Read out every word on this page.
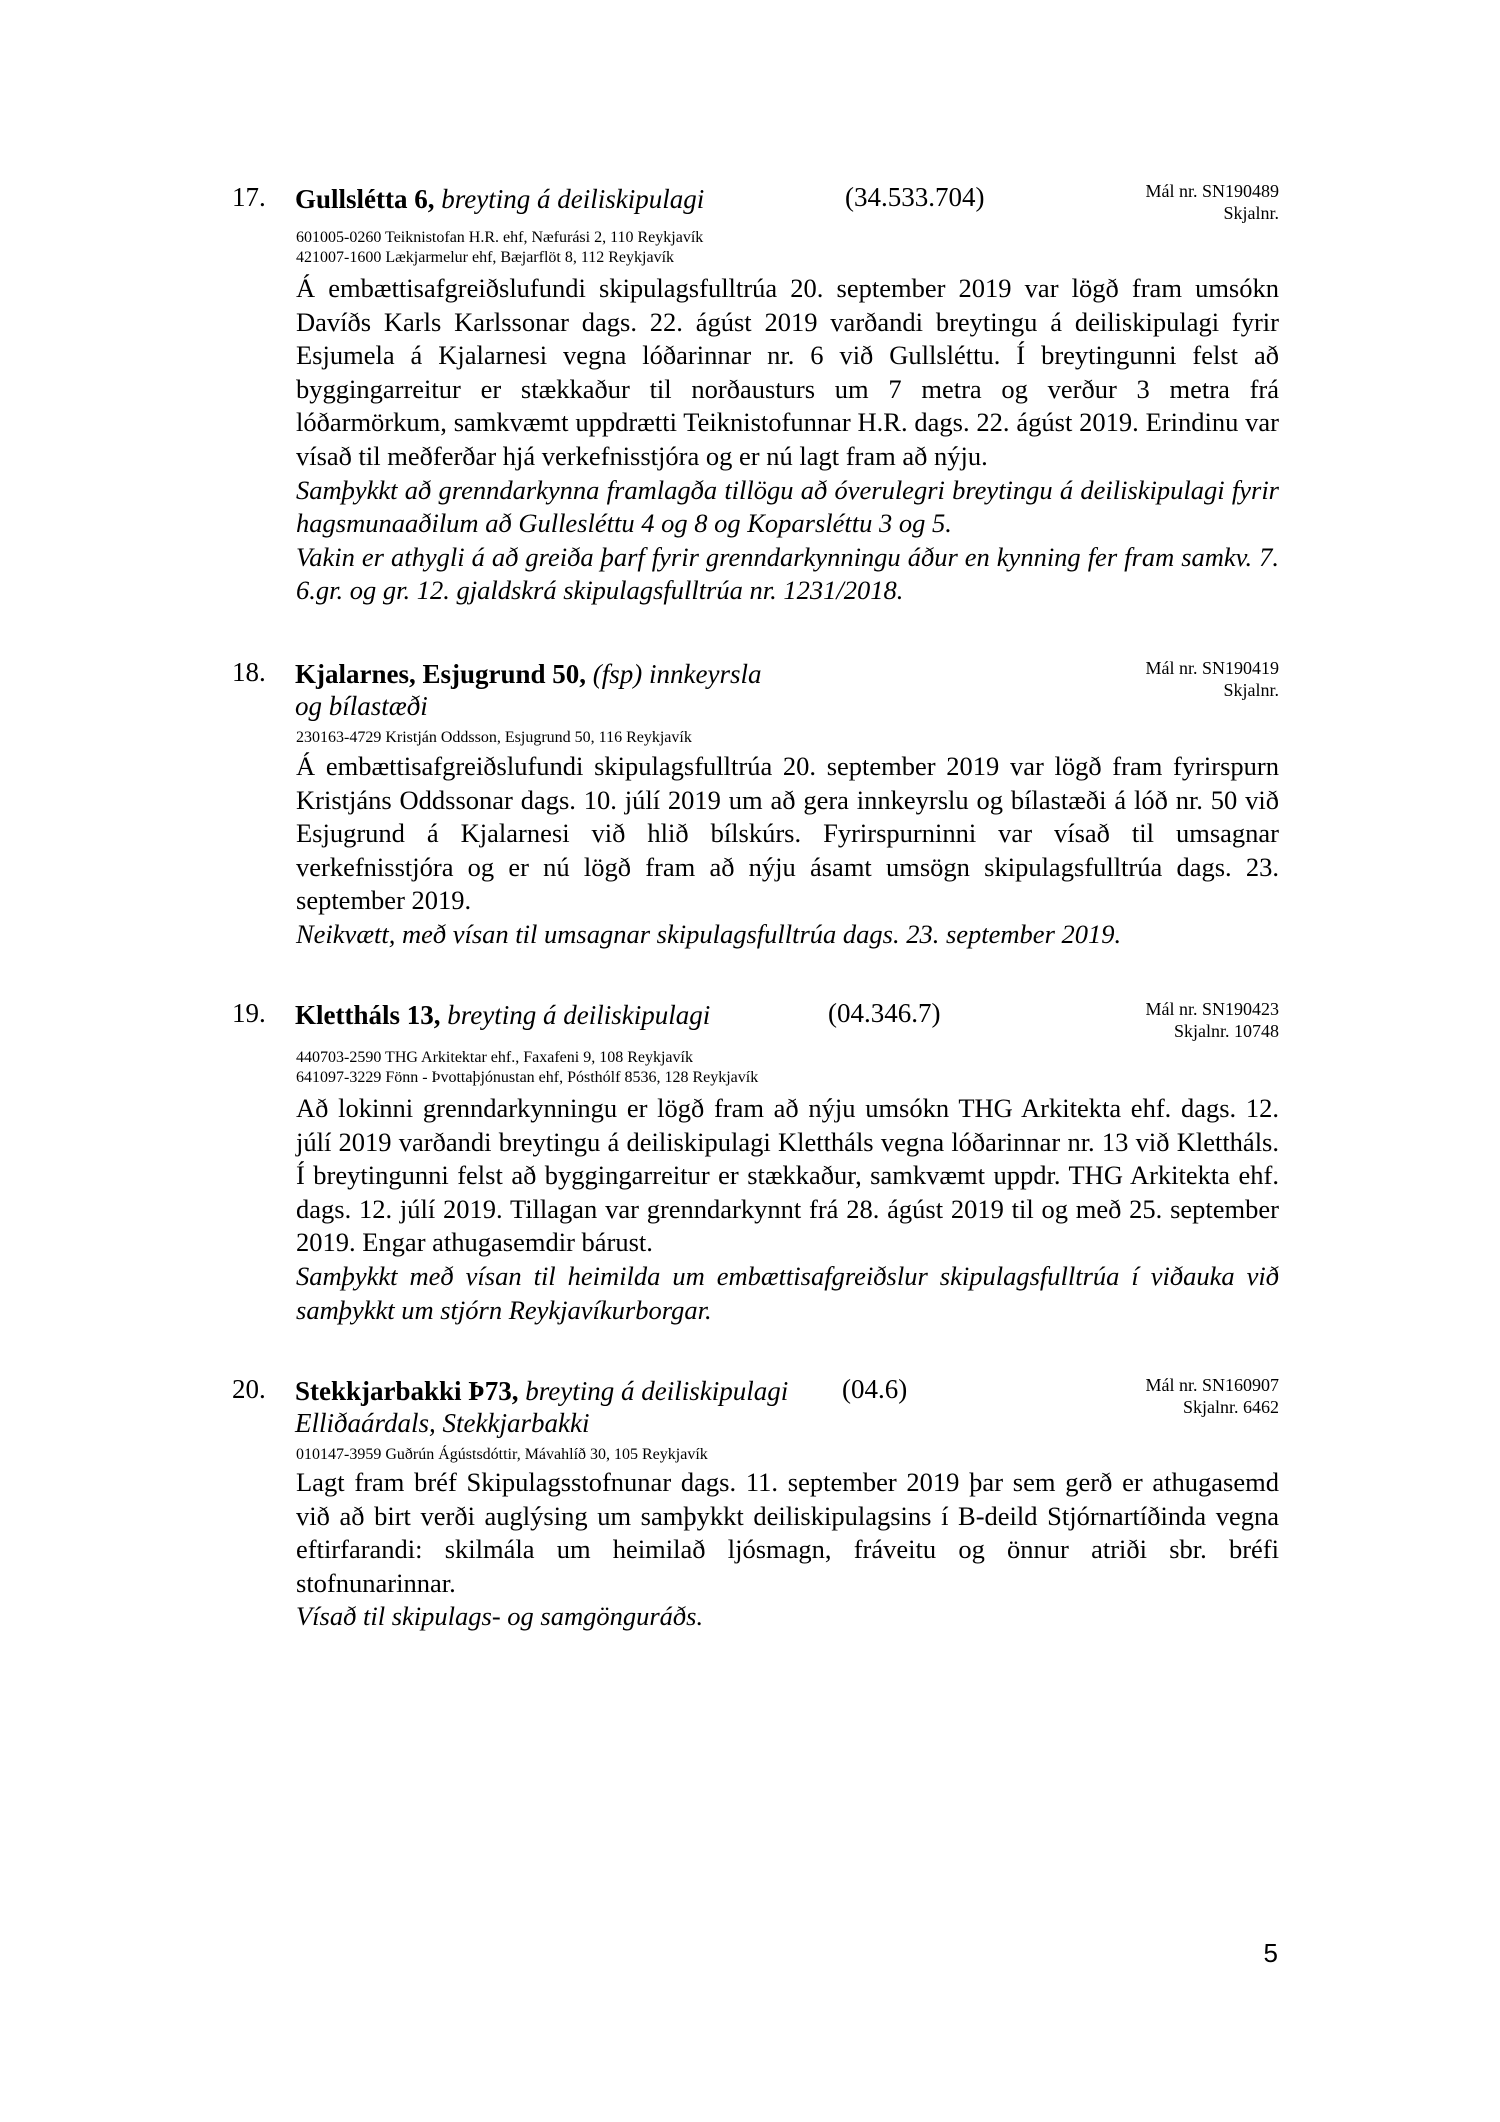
17. Gullslétta 6, breyting á deiliskipulagi	(34.533.704)	Mál nr. SN190489
Skjalnr.
601005-0260 Teiknistofan H.R. ehf, Næfurási 2, 110 Reykjavík
421007-1600 Lækjarmelur ehf, Bæjarflöt 8, 112 Reykjavík

Á embættisafgreiðslufundi skipulagsfulltrúa 20. september 2019 var lögð fram umsókn Davíðs Karls Karlssonar dags. 22. ágúst 2019 varðandi breytingu á deiliskipulagi fyrir Esjumela á Kjalarnesi vegna lóðarinnar nr. 6 við Gullsléttu. Í breytingunni felst að byggingarreitur er stækkaður til norðausturs um 7 metra og verður 3 metra frá lóðarmörkum, samkvæmt uppdrætti Teiknistofunnar H.R. dags. 22. ágúst 2019. Erindinu var vísað til meðferðar hjá verkefnisstjóra og er nú lagt fram að nýju.

Samþykkt að grenndarkynna framlagða tillögu að óverulegri breytingu á deiliskipulagi fyrir hagsmunaaðilum að Gullesléttu 4 og 8 og Koparsléttu 3 og 5.

Vakin er athygli á að greiða þarf fyrir grenndarkynningu áður en kynning fer fram samkv. 7. 6.gr. og gr. 12. gjaldskrá skipulagsfulltrúa nr. 1231/2018.

18. Kjalarnes, Esjugrund 50, (fsp) innkeyrsla
og bílastæði
Mál nr. SN190419
Skjalnr.
230163-4729 Kristján Oddsson, Esjugrund 50, 116 Reykjavík

Á embættisafgreiðslufundi skipulagsfulltrúa 20. september 2019 var lögð fram fyrirspurn Kristjáns Oddssonar dags. 10. júlí 2019 um að gera innkeyrslu og bílastæði á lóð nr. 50 við Esjugrund á Kjalarnesi við hlið bílskúrs. Fyrirspurninni var vísað til umsagnar verkefnisstjóra og er nú lögð fram að nýju ásamt umsögn skipulagsfulltrúa dags. 23. september 2019.

Neikvætt, með vísan til umsagnar skipulagsfulltrúa dags. 23. september 2019.

19. Klettháls 13, breyting á deiliskipulagi	(04.346.7)	Mál nr. SN190423
Skjalnr. 10748
440703-2590 THG Arkitektar ehf., Faxafeni 9, 108 Reykjavík
641097-3229 Fönn - Þvottaþjónustan ehf, Pósthólf 8536, 128 Reykjavík

Að lokinni grenndarkynningu er lögð fram að nýju umsókn THG Arkitekta ehf. dags. 12. júlí 2019 varðandi breytingu á deiliskipulagi Klettháls vegna lóðarinnar nr. 13 við Klettháls. Í breytingunni felst að byggingarreitur er stækkaður, samkvæmt uppdr. THG Arkitekta ehf. dags. 12. júlí 2019. Tillagan var grenndarkynnt frá 28. ágúst 2019 til og með 25. september 2019. Engar athugasemdir bárust.

Samþykkt með vísan til heimilda um embættisafgreiðslur skipulagsfulltrúa í viðauka við samþykkt um stjórn Reykjavíkurborgar.

20. Stekkjarbakki Þ73, breyting á deiliskipulagi (04.6)
Elliðaárdals, Stekkjarbakki
Mál nr. SN160907
Skjalnr. 6462
010147-3959 Guðrún Ágústsdóttir, Mávahlíð 30, 105 Reykjavík

Lagt fram bréf Skipulagsstofnunar dags. 11. september 2019 þar sem gerð er athugasemd við að birt verði auglýsing um samþykkt deiliskipulagsins í B-deild Stjórnartíðinda vegna eftirfarandi: skilmála um heimilað ljósmagn, fráveitu og önnur atriði sbr. bréfi stofnunarinnar.

Vísað til skipulags- og samgönguráðs.

5
